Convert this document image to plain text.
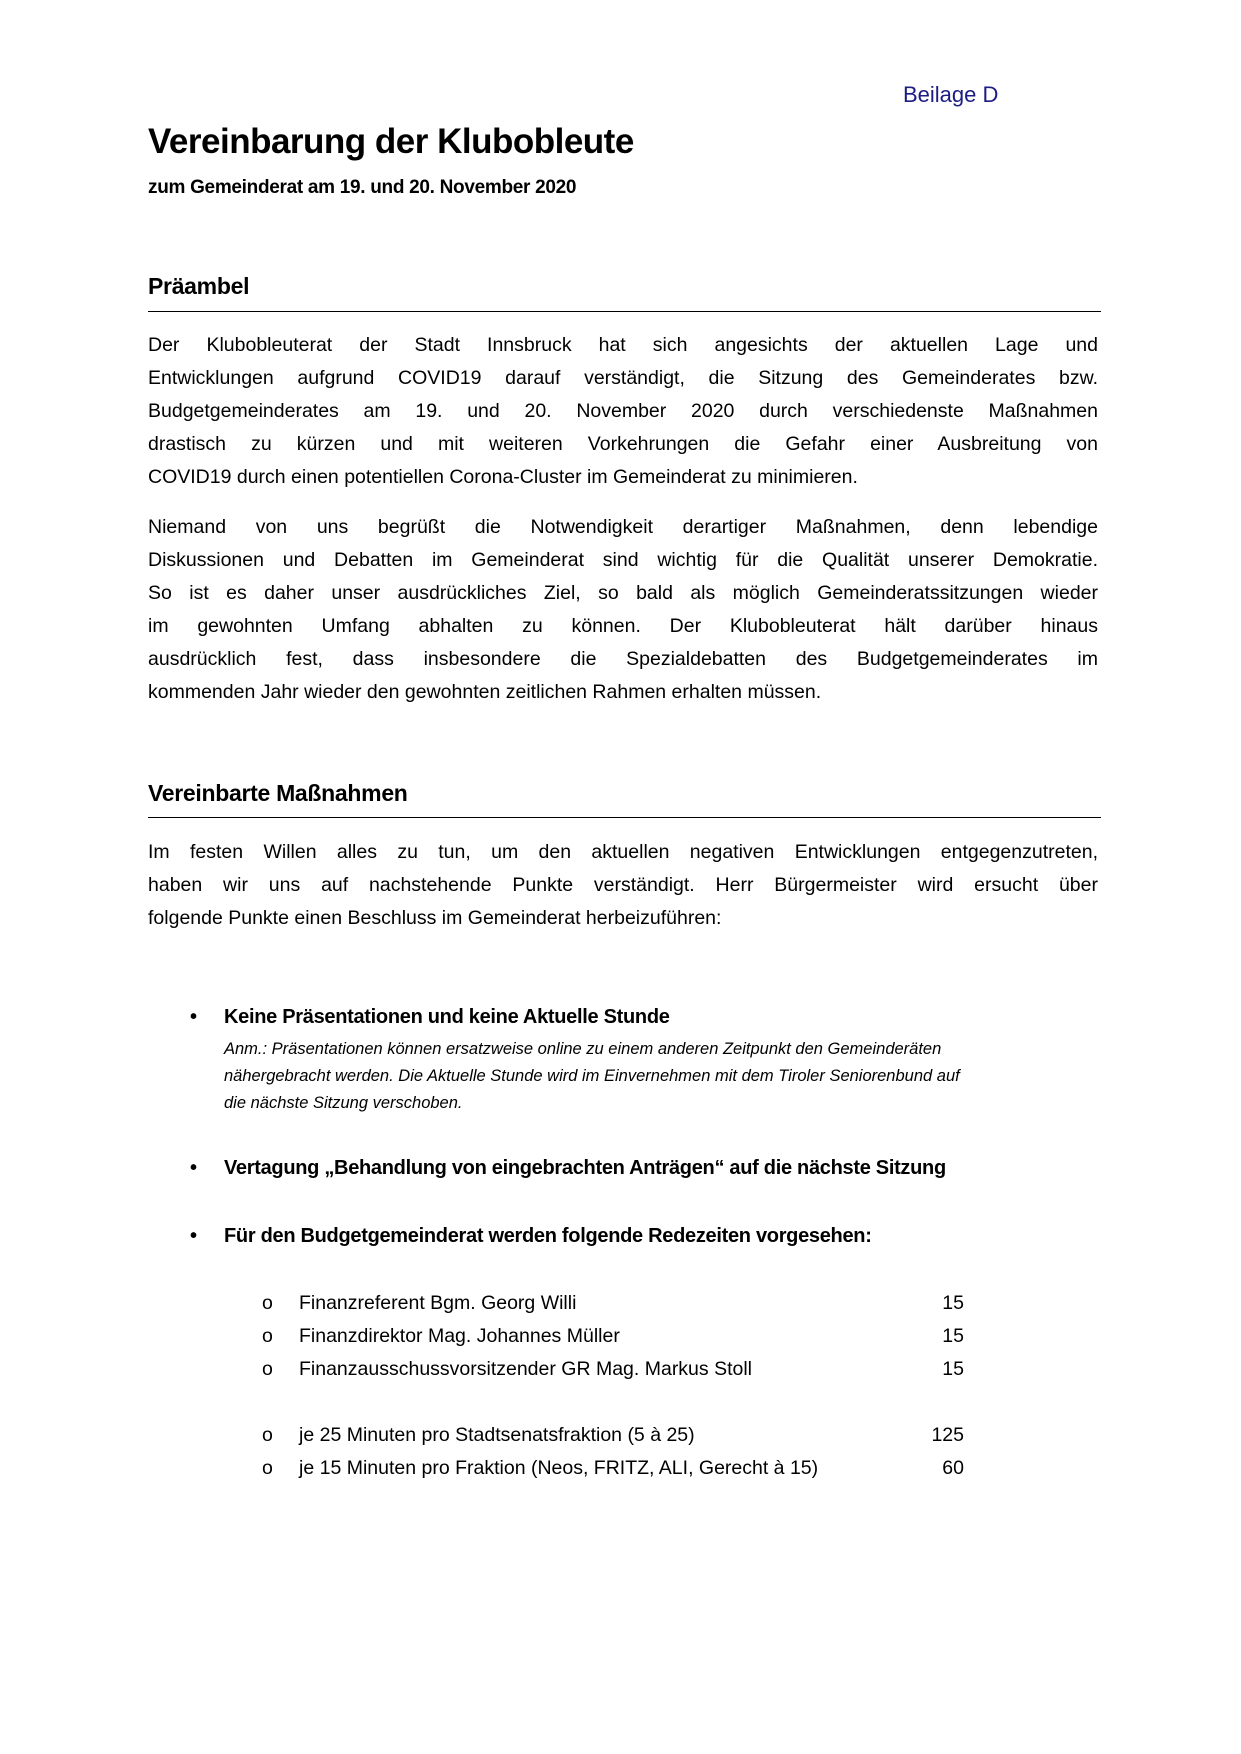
Beilage D
Vereinbarung der Klubobleute
zum Gemeinderat am 19. und 20. November 2020
Präambel
Der Klubobleuterat der Stadt Innsbruck hat sich angesichts der aktuellen Lage und
Entwicklungen aufgrund COVID19 darauf verständigt, die Sitzung des Gemeinderates bzw.
Budgetgemeinderates am 19. und 20. November 2020 durch verschiedenste Maßnahmen
drastisch zu kürzen und mit weiteren Vorkehrungen die Gefahr einer Ausbreitung von
COVID19 durch einen potentiellen Corona-Cluster im Gemeinderat zu minimieren.
Niemand von uns begrüßt die Notwendigkeit derartiger Maßnahmen, denn lebendige
Diskussionen und Debatten im Gemeinderat sind wichtig für die Qualität unserer Demokratie.
So ist es daher unser ausdrückliches Ziel, so bald als möglich Gemeinderatssitzungen wieder
im gewohnten Umfang abhalten zu können. Der Klubobleuterat hält darüber hinaus
ausdrücklich fest, dass insbesondere die Spezialdebatten des Budgetgemeinderates im
kommenden Jahr wieder den gewohnten zeitlichen Rahmen erhalten müssen.
Vereinbarte Maßnahmen
Im festen Willen alles zu tun, um den aktuellen negativen Entwicklungen entgegenzutreten,
haben wir uns auf nachstehende Punkte verständigt. Herr Bürgermeister wird ersucht über
folgende Punkte einen Beschluss im Gemeinderat herbeizuführen:
• Keine Präsentationen und keine Aktuelle Stunde
Anm.: Präsentationen können ersatzweise online zu einem anderen Zeitpunkt den Gemeinderäten
nähergebracht werden. Die Aktuelle Stunde wird im Einvernehmen mit dem Tiroler Seniorenbund auf
die nächste Sitzung verschoben.
• Vertagung „Behandlung von eingebrachten Anträgen“ auf die nächste Sitzung
• Für den Budgetgemeinderat werden folgende Redezeiten vorgesehen:
o	Finanzreferent Bgm. Georg Willi	15
o	Finanzdirektor Mag. Johannes Müller	15
o	Finanzausschussvorsitzender GR Mag. Markus Stoll	15
o	je 25 Minuten pro Stadtsenatsfraktion (5 à 25)	125
o	je 15 Minuten pro Fraktion (Neos, FRITZ, ALI, Gerecht à 15)	60
